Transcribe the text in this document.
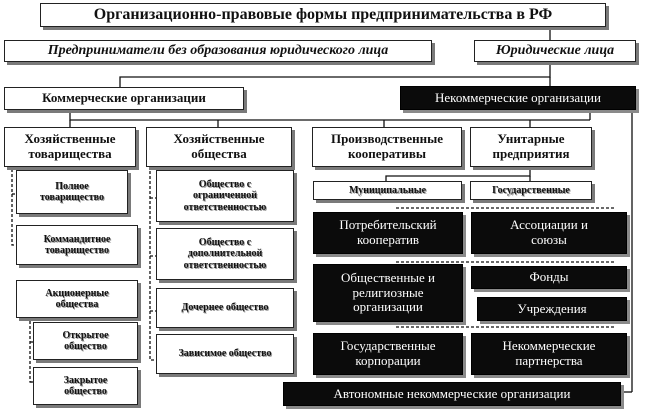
Организационно-правовые формы предпринимательства в РФ
Предприниматели без образования юридического лица	Юридические лица
Коммерческие организации	Некоммерческие организации
Хозяйственные товарищества
Хозяйственные общества
Производственные кооперативы
Унитарные предприятия
Полное товарищество
Коммандитное товарищество
Акционерные общества
Открытое общество
Закрытое общество
Общество с ограниченной ответственностью
Общество с дополнительной ответственностью
Дочернее общество
Зависимое общество
Муниципальные	Государственные
Потребительский кооператив
Ассоциации и союзы
Общественные и религиозные организации
Фонды
Учреждения
Государственные корпорации
Некоммерческие партнерства
Автономные некоммерческие организации
